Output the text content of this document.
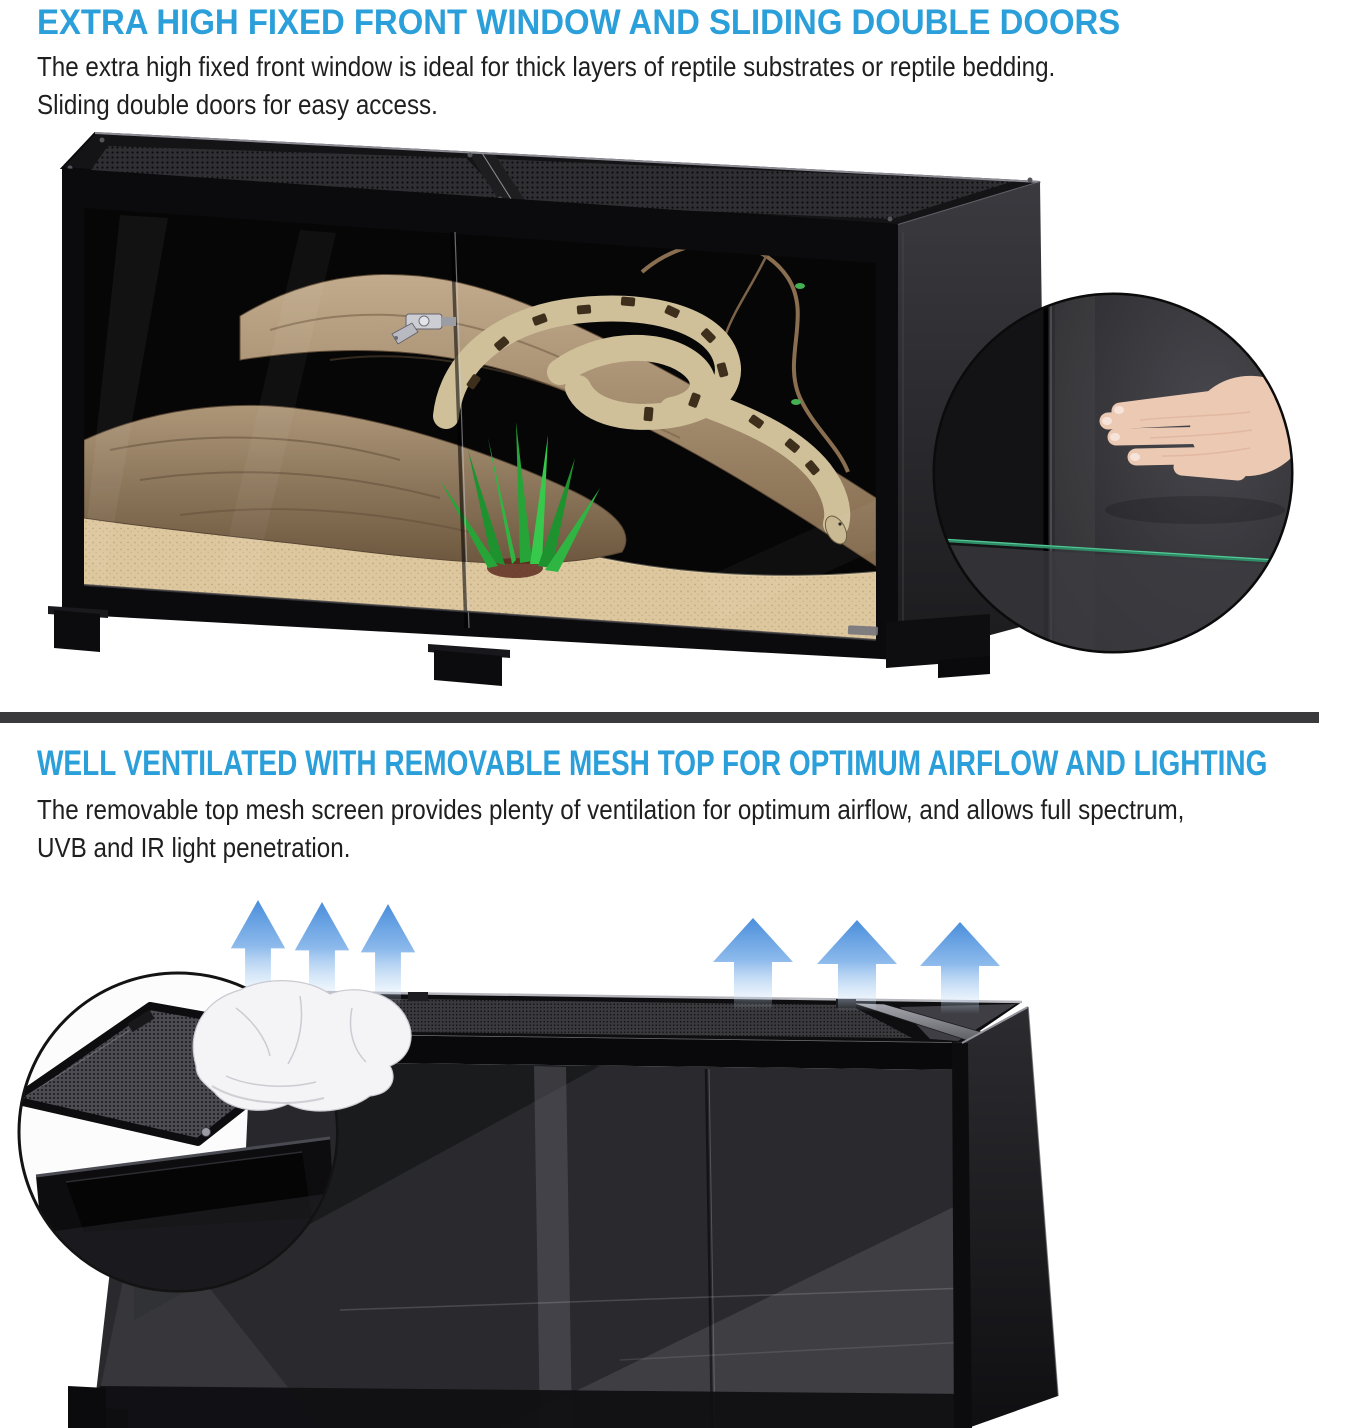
EXTRA HIGH FIXED FRONT WINDOW AND SLIDING DOUBLE DOORS
The extra high fixed front window is ideal for thick layers of reptile substrates or reptile bedding.
Sliding double doors for easy access.
WELL VENTILATED WITH REMOVABLE MESH TOP FOR OPTIMUM AIRFLOW AND LIGHTING
The removable top mesh screen provides plenty of ventilation for optimum airflow, and allows full spectrum,
UVB and IR light penetration.
